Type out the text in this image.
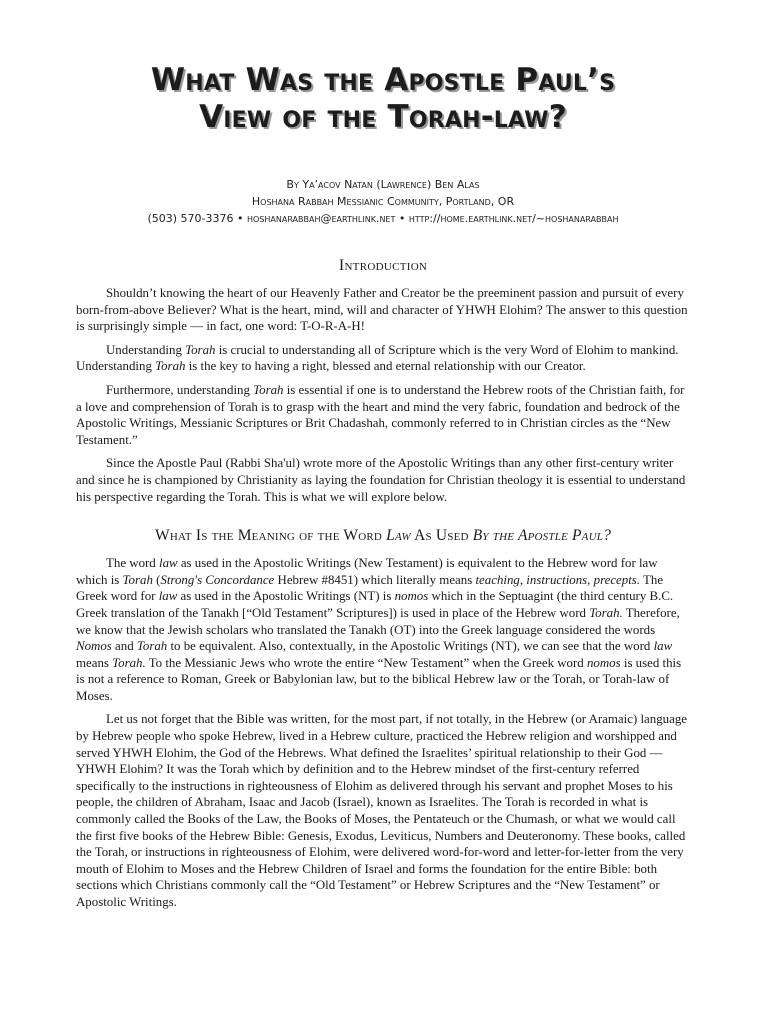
What Was the Apostle Paul’s
View of the Torah-law?
By Ya’acov Natan (Lawrence) Ben Alas
Hoshana Rabbah Messianic Community, Portland, OR
(503) 570-3376 • hoshanarabbah@earthlink.net • http://home.earthlink.net/~hoshanarabbah
Introduction

Shouldn’t knowing the heart of our Heavenly Father and Creator be the preeminent passion and pursuit of every born-from-above Believer? What is the heart, mind, will and character of YHWH Elohim? The answer to this question is surprisingly simple — in fact, one word: T-O-R-A-H!

Understanding Torah is crucial to understanding all of Scripture which is the very Word of Elohim to mankind. Understanding Torah is the key to having a right, blessed and eternal relationship with our Creator.

Furthermore, understanding Torah is essential if one is to understand the Hebrew roots of the Christian faith, for a love and comprehension of Torah is to grasp with the heart and mind the very fabric, foundation and bedrock of the Apostolic Writings, Messianic Scriptures or Brit Chadashah, commonly referred to in Christian circles as the “New Testament.”

Since the Apostle Paul (Rabbi Sha'ul) wrote more of the Apostolic Writings than any other first-century writer and since he is championed by Christianity as laying the foundation for Christian theology it is essential to understand his perspective regarding the Torah. This is what we will explore below.

What Is the Meaning of the Word Law As Used By the Apostle Paul?

The word law as used in the Apostolic Writings (New Testament) is equivalent to the Hebrew word for law which is Torah (Strong's Concordance Hebrew #8451) which literally means teaching, instructions, precepts. The Greek word for law as used in the Apostolic Writings (NT) is nomos which in the Septuagint (the third century B.C. Greek translation of the Tanakh [“Old Testament” Scriptures]) is used in place of the Hebrew word Torah. Therefore, we know that the Jewish scholars who translated the Tanakh (OT) into the Greek language considered the words Nomos and Torah to be equivalent. Also, contextually, in the Apostolic Writings (NT), we can see that the word law means Torah. To the Messianic Jews who wrote the entire “New Testament” when the Greek word nomos is used this is not a reference to Roman, Greek or Babylonian law, but to the biblical Hebrew law or the Torah, or Torah-law of Moses.

Let us not forget that the Bible was written, for the most part, if not totally, in the Hebrew (or Aramaic) language by Hebrew people who spoke Hebrew, lived in a Hebrew culture, practiced the Hebrew religion and worshipped and served YHWH Elohim, the God of the Hebrews. What defined the Israelites’ spiritual relationship to their God — YHWH Elohim? It was the Torah which by definition and to the Hebrew mindset of the first-century referred specifically to the instructions in righteousness of Elohim as delivered through his servant and prophet Moses to his people, the children of Abraham, Isaac and Jacob (Israel), known as Israelites. The Torah is recorded in what is commonly called the Books of the Law, the Books of Moses, the Pentateuch or the Chumash, or what we would call the first five books of the Hebrew Bible: Genesis, Exodus, Leviticus, Numbers and Deuteronomy. These books, called the Torah, or instructions in righteousness of Elohim, were delivered word-for-word and letter-for-letter from the very mouth of Elohim to Moses and the Hebrew Children of Israel and forms the foundation for the entire Bible: both sections which Christians commonly call the “Old Testament” or Hebrew Scriptures and the “New Testament” or Apostolic Writings.
